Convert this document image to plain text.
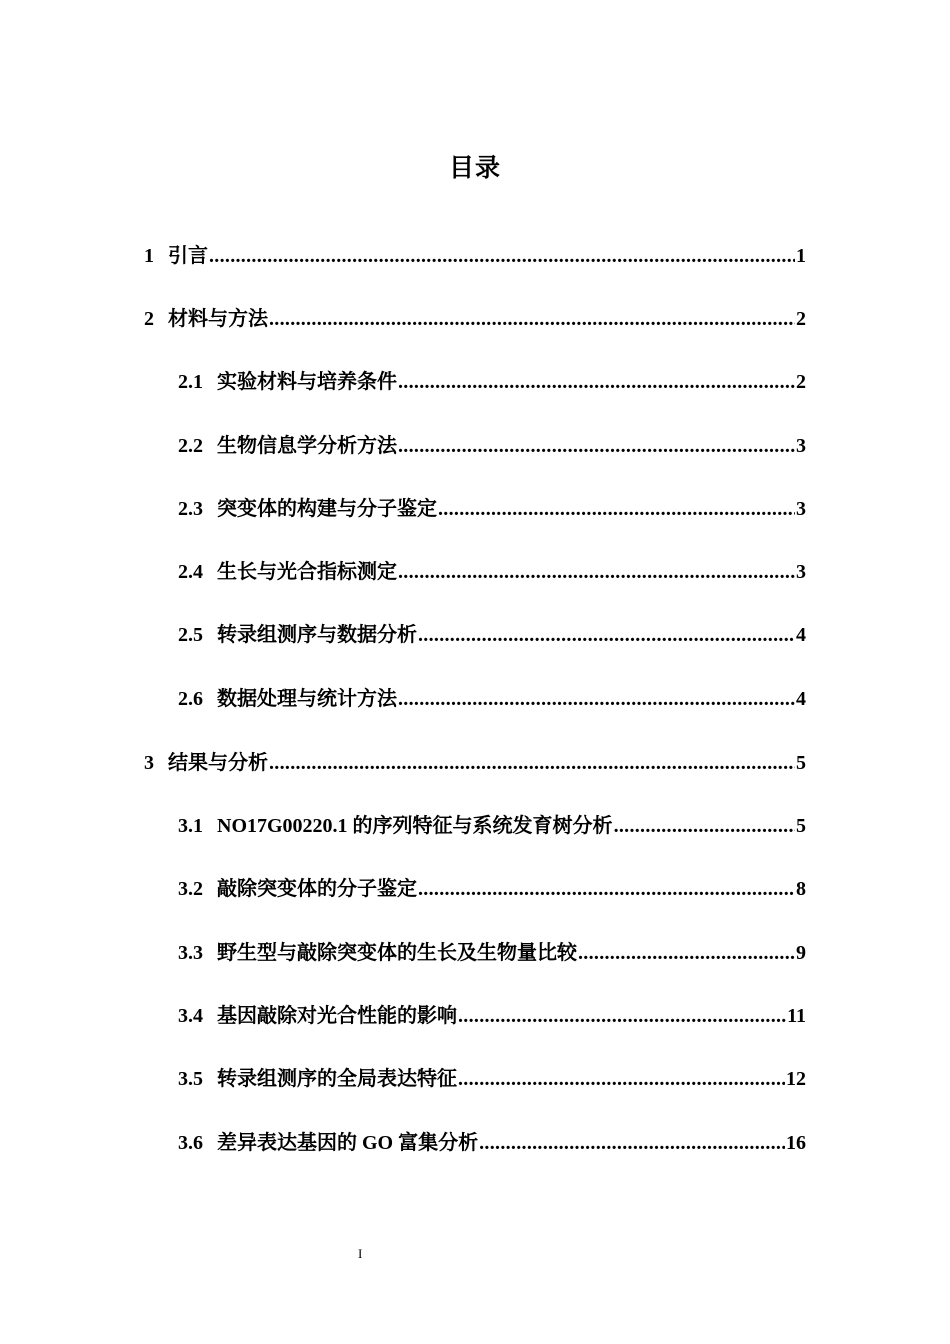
目录
1 引言 .....	1
2 材料与方法 .....	2
2.1 实验材料与培养条件 .....	2
2.2 生物信息学分析方法 .....	3
2.3 突变体的构建与分子鉴定 .....	3
2.4 生长与光合指标测定 .....	3
2.5 转录组测序与数据分析 .....	4
2.6 数据处理与统计方法 .....	4
3 结果与分析 .....	5
3.1 NO17G00220.1 的序列特征与系统发育树分析 .....	5
3.2 敲除突变体的分子鉴定 .....	8
3.3 野生型与敲除突变体的生长及生物量比较 .....	9
3.4 基因敲除对光合性能的影响 .....	11
3.5 转录组测序的全局表达特征 .....	12
3.6 差异表达基因的 GO 富集分析 .....	16
I
